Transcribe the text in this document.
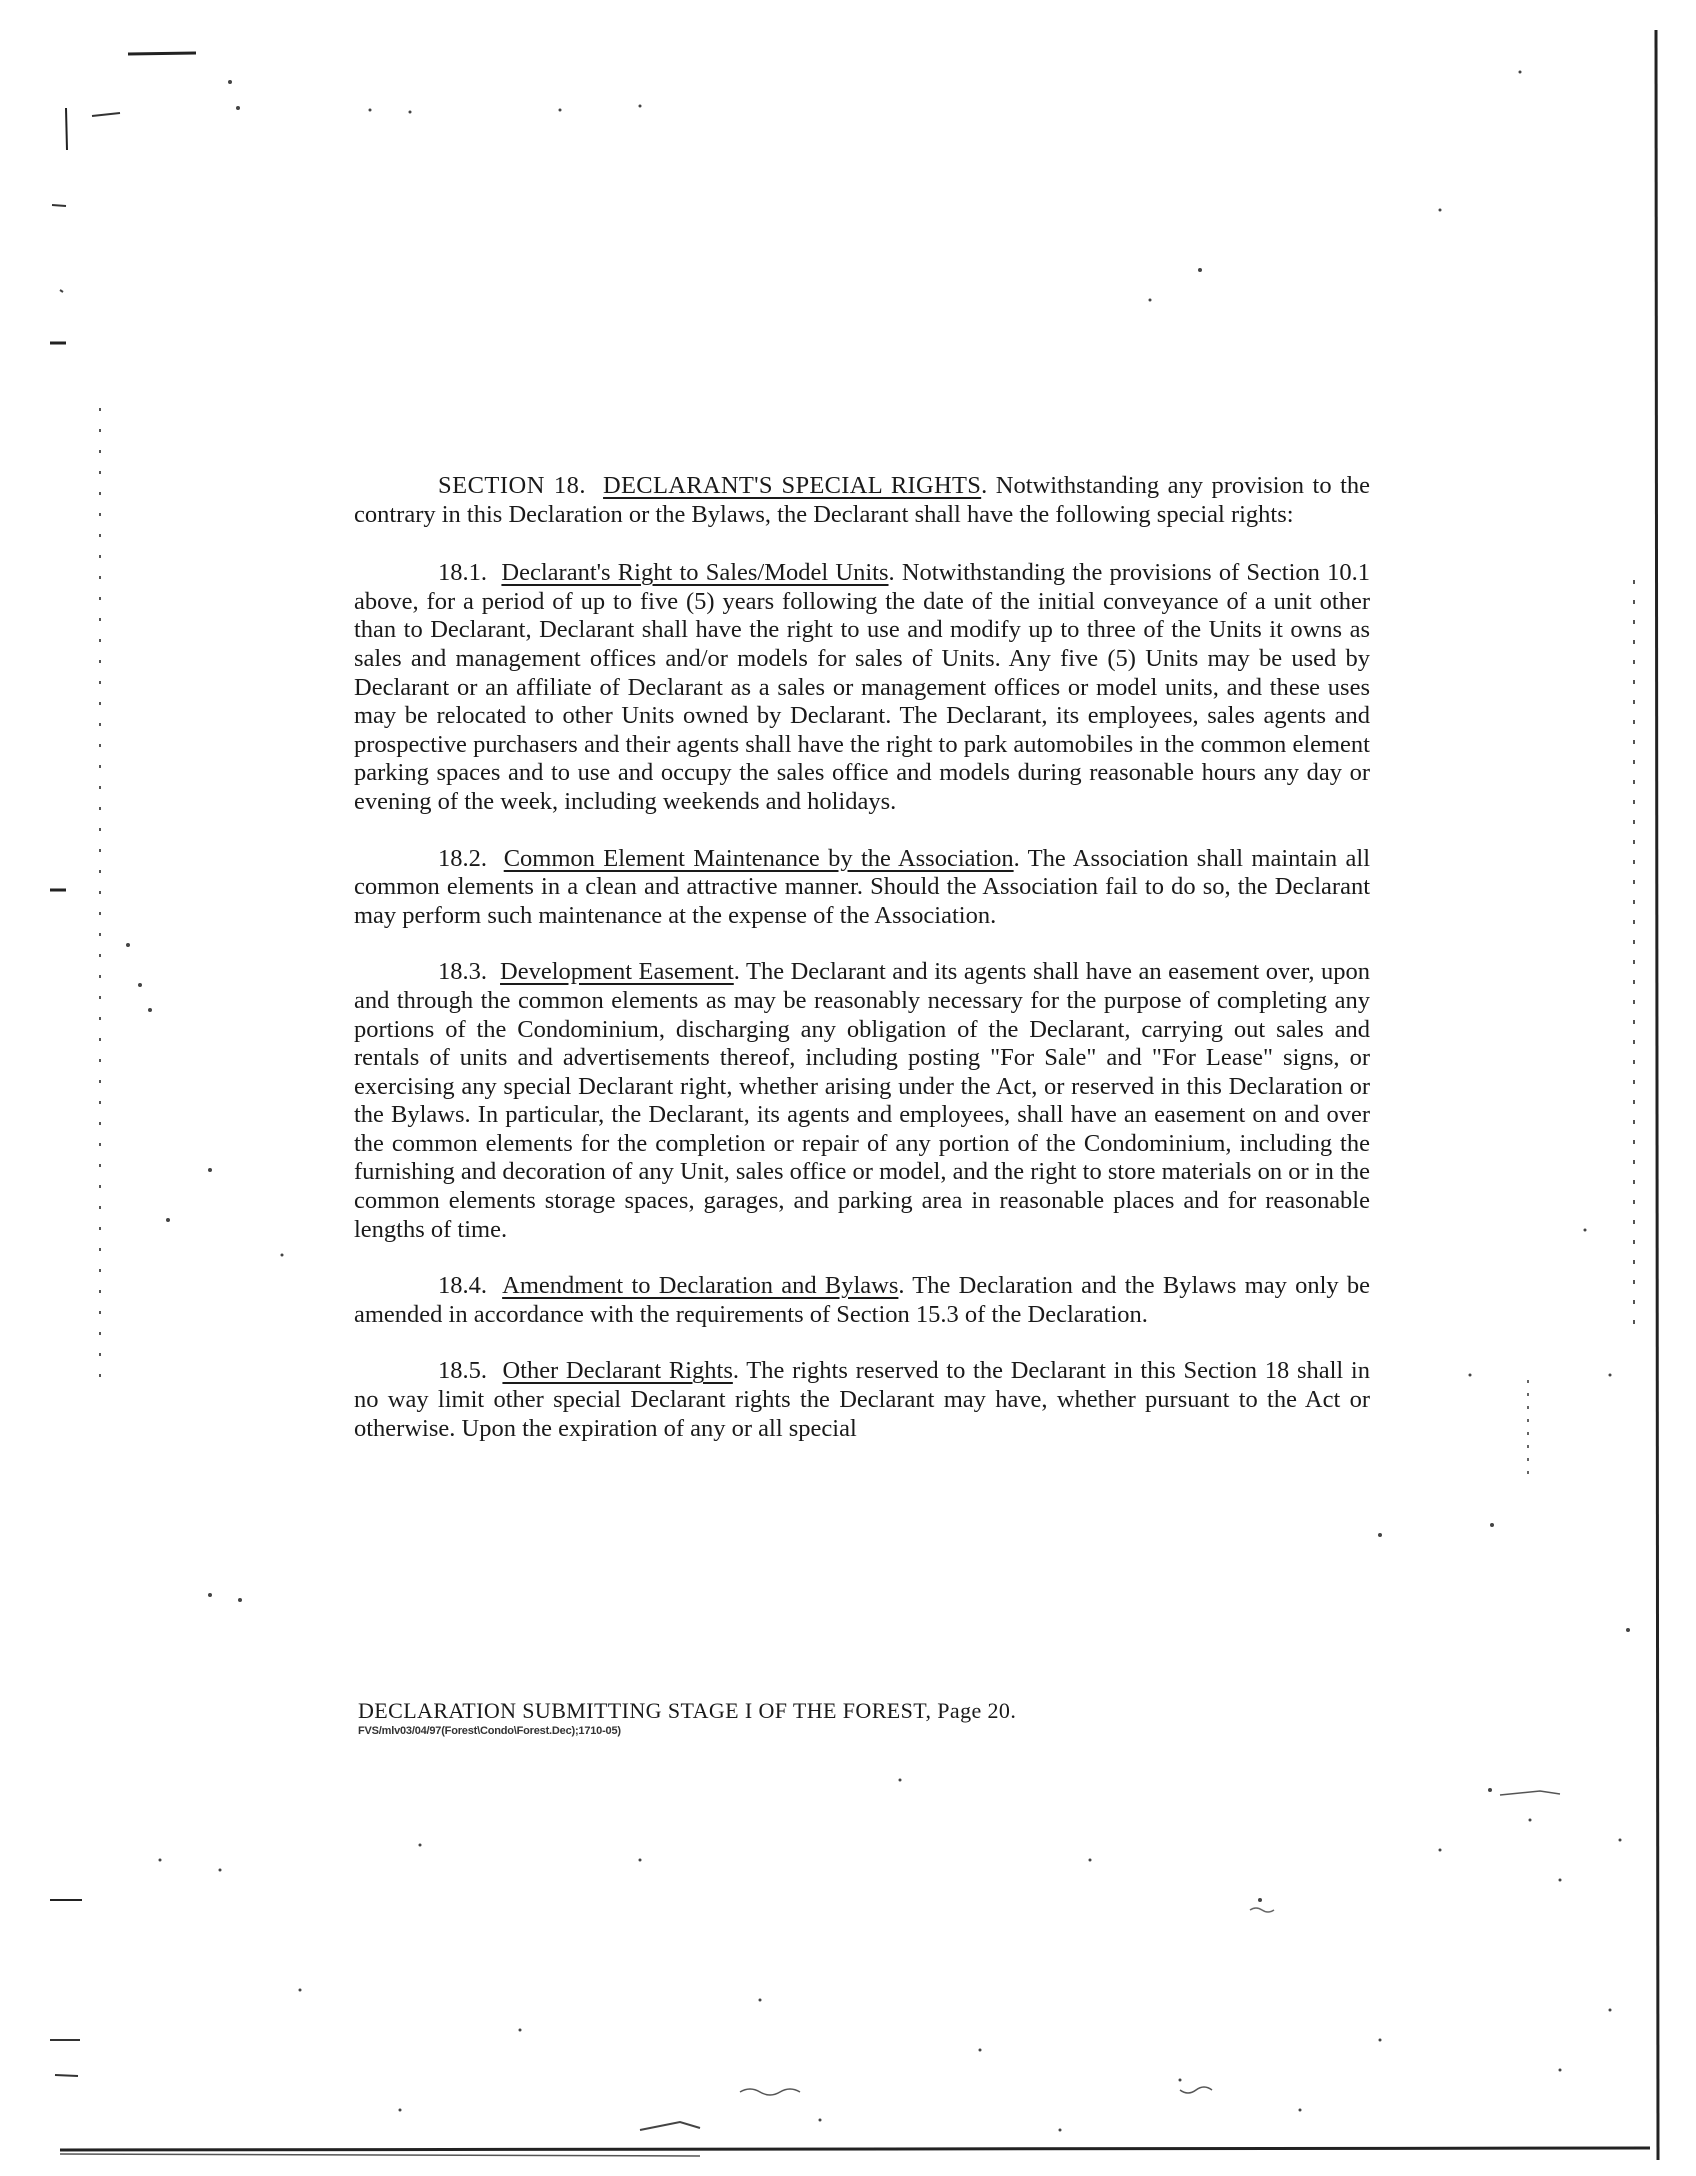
SECTION 18. DECLARANT'S SPECIAL RIGHTS. Notwithstanding any provision to the contrary in this Declaration or the Bylaws, the Declarant shall have the following special rights:

18.1. Declarant's Right to Sales/Model Units. Notwithstanding the provisions of Section 10.1 above, for a period of up to five (5) years following the date of the initial conveyance of a unit other than to Declarant, Declarant shall have the right to use and modify up to three of the Units it owns as sales and management offices and/or models for sales of Units. Any five (5) Units may be used by Declarant or an affiliate of Declarant as a sales or management offices or model units, and these uses may be relocated to other Units owned by Declarant. The Declarant, its employees, sales agents and prospective purchasers and their agents shall have the right to park automobiles in the common element parking spaces and to use and occupy the sales office and models during reasonable hours any day or evening of the week, including weekends and holidays.

18.2. Common Element Maintenance by the Association. The Association shall maintain all common elements in a clean and attractive manner. Should the Association fail to do so, the Declarant may perform such maintenance at the expense of the Association.

18.3. Development Easement. The Declarant and its agents shall have an easement over, upon and through the common elements as may be reasonably necessary for the purpose of completing any portions of the Condominium, discharging any obligation of the Declarant, carrying out sales and rentals of units and advertisements thereof, including posting "For Sale" and "For Lease" signs, or exercising any special Declarant right, whether arising under the Act, or reserved in this Declaration or the Bylaws. In particular, the Declarant, its agents and employees, shall have an easement on and over the common elements for the completion or repair of any portion of the Condominium, including the furnishing and decoration of any Unit, sales office or model, and the right to store materials on or in the common elements storage spaces, garages, and parking area in reasonable places and for reasonable lengths of time.

18.4. Amendment to Declaration and Bylaws. The Declaration and the Bylaws may only be amended in accordance with the requirements of Section 15.3 of the Declaration.

18.5. Other Declarant Rights. The rights reserved to the Declarant in this Section 18 shall in no way limit other special Declarant rights the Declarant may have, whether pursuant to the Act or otherwise. Upon the expiration of any or all special

DECLARATION SUBMITTING STAGE I OF THE FOREST, Page 20.
FVS/mlv03/04/97(Forest\Condo\Forest.Dec);1710-05)
